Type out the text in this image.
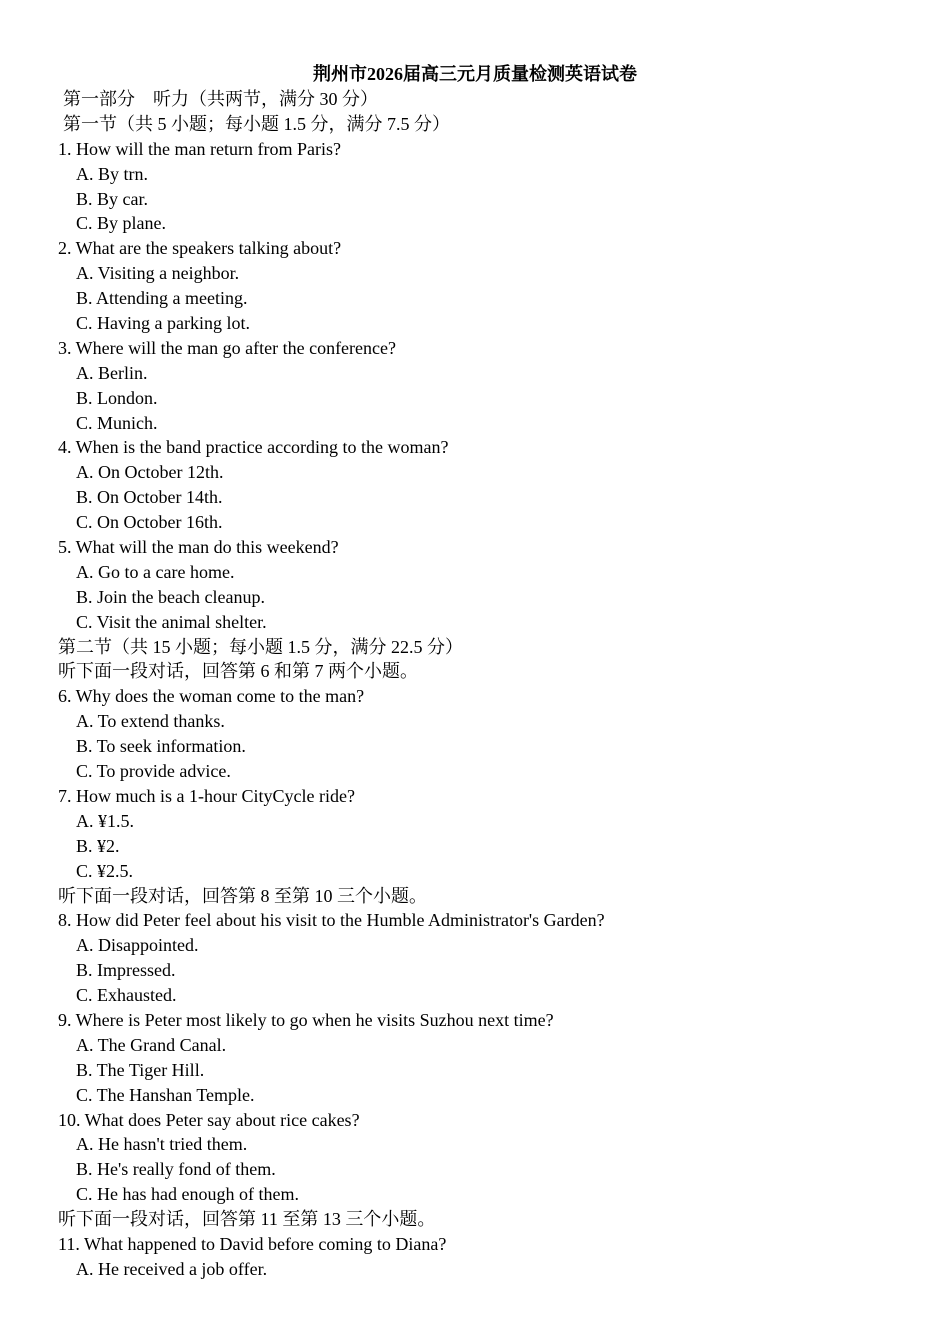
荆州市2026届高三元月质量检测英语试卷
第一部分　听力（共两节，满分 30 分）
第一节（共 5 小题；每小题 1.5 分，满分 7.5 分）
1. How will the man return from Paris?
A. By trn.
B. By car.
C. By plane.
2. What are the speakers talking about?
A. Visiting a neighbor.
B. Attending a meeting.
C. Having a parking lot.
3. Where will the man go after the conference?
A. Berlin.
B. London.
C. Munich.
4. When is the band practice according to the woman?
A. On October 12th.
B. On October 14th.
C. On October 16th.
5. What will the man do this weekend?
A. Go to a care home.
B. Join the beach cleanup.
C. Visit the animal shelter.
第二节（共 15 小题；每小题 1.5 分，满分 22.5 分）
听下面一段对话，回答第 6 和第 7 两个小题。
6. Why does the woman come to the man?
A. To extend thanks.
B. To seek information.
C. To provide advice.
7. How much is a 1-hour CityCycle ride?
A. ¥1.5.
B. ¥2.
C. ¥2.5.
听下面一段对话，回答第 8 至第 10 三个小题。
8. How did Peter feel about his visit to the Humble Administrator's Garden?
A. Disappointed.
B. Impressed.
C. Exhausted.
9. Where is Peter most likely to go when he visits Suzhou next time?
A. The Grand Canal.
B. The Tiger Hill.
C. The Hanshan Temple.
10. What does Peter say about rice cakes?
A. He hasn't tried them.
B. He's really fond of them.
C. He has had enough of them.
听下面一段对话，回答第 11 至第 13 三个小题。
11. What happened to David before coming to Diana?
A. He received a job offer.
